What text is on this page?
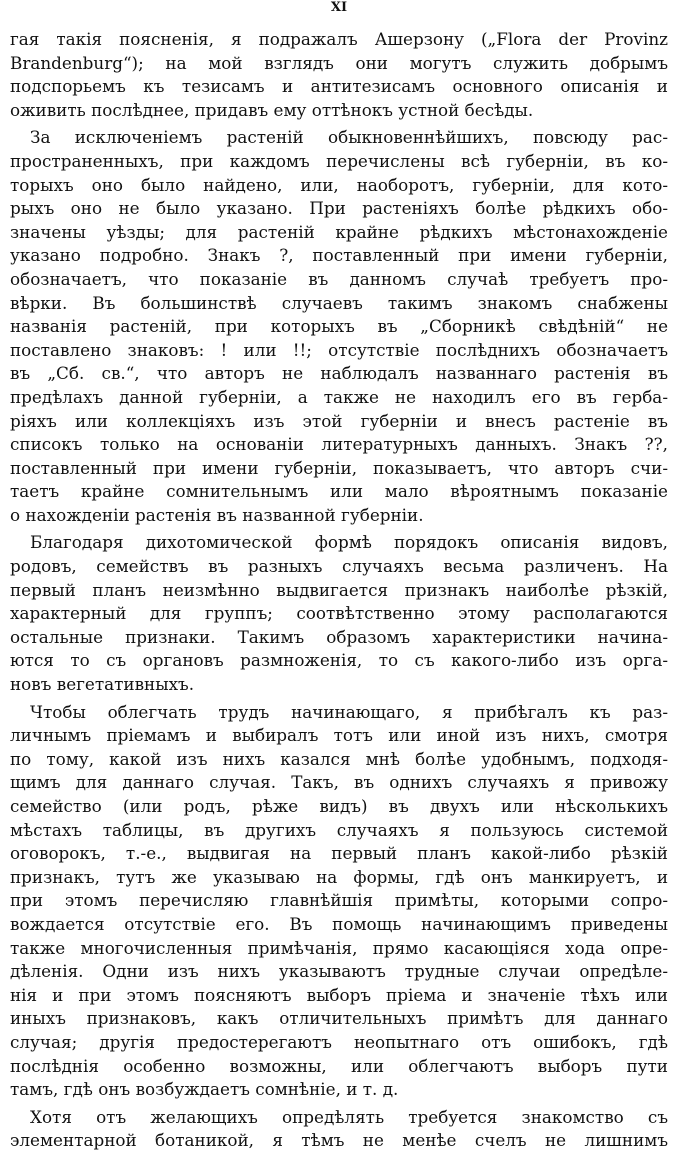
XI
гая такія поясненія, я подражалъ Ашерзону („Flora der Provinz
Brandenburg“); на мой взглядъ они могутъ служить добрымъ
подспорьемъ къ тезисамъ и антитезисамъ основного описанія и
оживить послѣднее, придавъ ему оттѣнокъ устной бесѣды.
За исключеніемъ растеній обыкновеннѣйшихъ, повсюду рас-
пространенныхъ, при каждомъ перечислены всѣ губерніи, въ ко-
торыхъ оно было найдено, или, наоборотъ, губерніи, для кото-
рыхъ оно не было указано. При растеніяхъ болѣе рѣдкихъ обо-
значены уѣзды; для растеній крайне рѣдкихъ мѣстонахожденіе
указано подробно. Знакъ ?, поставленный при имени губерніи,
обозначаетъ, что показаніе въ данномъ случаѣ требуетъ про-
вѣрки. Въ большинствѣ случаевъ такимъ знакомъ снабжены
названія растеній, при которыхъ въ „Сборникѣ свѣдѣній“ не
поставлено знаковъ: ! или !!; отсутствіе послѣднихъ обозначаетъ
въ „Сб. св.“, что авторъ не наблюдалъ названнаго растенія въ
предѣлахъ данной губерніи, а также не находилъ его въ гербa-
ріяхъ или коллекціяхъ изъ этой губерніи и внесъ растеніе въ
списокъ только на основаніи литературныхъ данныхъ. Знакъ ??,
поставленный при имени губерніи, показываетъ, что авторъ счи-
таетъ крайне сомнительнымъ или мало вѣроятнымъ показаніе
о нахожденіи растенія въ названной губерніи.
Благодаря дихотомической формѣ порядокъ описанія видовъ,
родовъ, семействъ въ разныхъ случаяхъ весьма различенъ. На
первый планъ неизмѣнно выдвигается признакъ наиболѣе рѣзкій,
характерный для группъ; соотвѣтственно этому располагаются
остальные признаки. Такимъ образомъ характеристики начина-
ются то съ органовъ размноженія, то съ какого-либо изъ орга-
новъ вегетативныхъ.
Чтобы облегчать трудъ начинающаго, я прибѣгалъ къ раз-
личнымъ пріемамъ и выбиралъ тотъ или иной изъ нихъ, смотря
по тому, какой изъ нихъ казался мнѣ болѣе удобнымъ, подходя-
щимъ для даннаго случая. Такъ, въ однихъ случаяхъ я привожу
семейство (или родъ, рѣже видъ) въ двухъ или нѣсколькихъ
мѣстахъ таблицы, въ другихъ случаяхъ я пользуюсь системой
оговорокъ, т.-е., выдвигая на первый планъ какой-либо рѣзкій
признакъ, тутъ же указываю на формы, гдѣ онъ манкируетъ, и
при этомъ перечисляю главнѣйшія примѣты, которыми сопро-
вождается отсутствіе его. Въ помощь начинающимъ приведены
также многочисленныя примѣчанія, прямо касающіяся хода опре-
дѣленія. Одни изъ нихъ указываютъ трудные случаи опредѣле-
нія и при этомъ поясняютъ выборъ пріема и значеніе тѣхъ или
иныхъ признаковъ, какъ отличительныхъ примѣтъ для даннаго
случая; другія предостерегаютъ неопытнаго отъ ошибокъ, гдѣ
послѣднія особенно возможны, или облегчаютъ выборъ пути
тамъ, гдѣ онъ возбуждаетъ сомнѣніе, и т. д.
Хотя отъ желающихъ опредѣлять требуется знакомство съ
элементарной ботаникой, я тѣмъ не менѣе счелъ не лишнимъ
